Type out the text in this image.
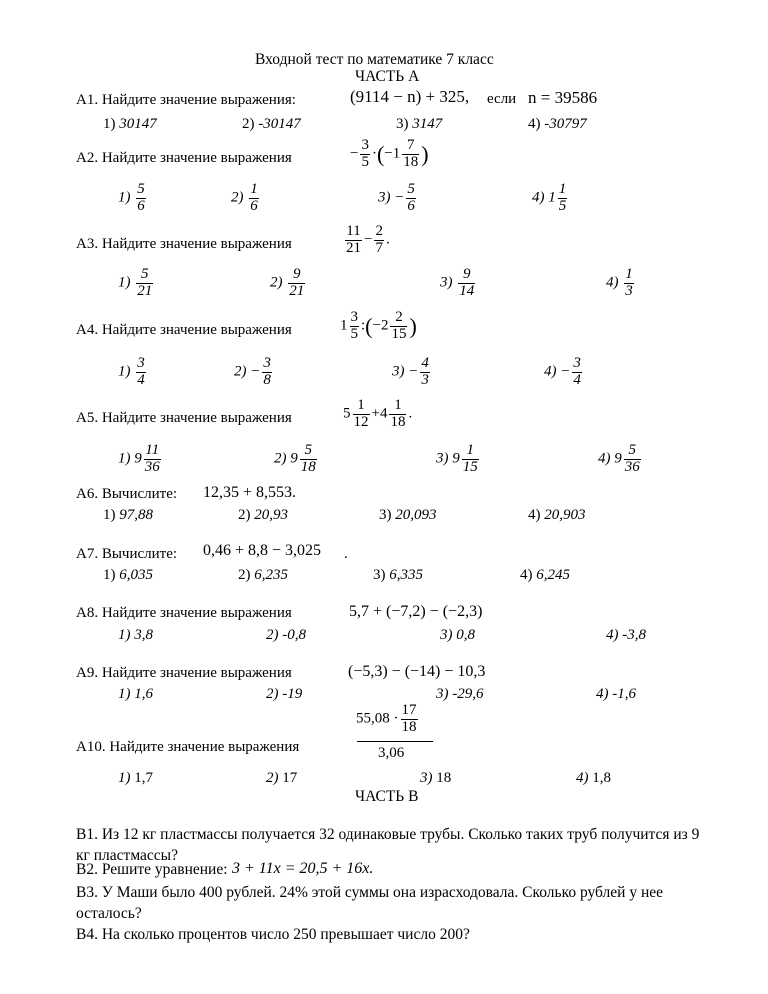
Входной тест по математике 7 класс
ЧАСТЬ А
А1. Найдите значение выражения:	(9114 − n) + 325, если n = 39586
1) 30147	2) -30147	3) 3147	4) -30797
А2. Найдите значение выражения	− $\frac{3}{5} \cdot(-1 \frac{7}{18}$ )
$1) \frac{5}{6}$	$2) \frac{1}{6}$	$3) - \frac{5}{6}$	4) $1 \frac{1}{5}$
А3. Найдите значение выражения	$\frac{11}{21} - \frac{2}{7}$ .
$1) \frac{5}{21}$	$2) \frac{9}{21}$	$3) \frac{9}{14}$	$4) \frac{1}{3}$
А4. Найдите значение выражения	$1 \frac{3}{5}$ :(−2 $\frac{2}{15}$ )
$1) \frac{3}{4}$	$2) - \frac{3}{8}$	$3) - \frac{4}{3}$	$4) - \frac{3}{4}$
А5. Найдите значение выражения	$5 \frac{1}{12} +4 \frac{1}{18}$ .
1) $9 \frac{11}{36}$	2) $9 \frac{5}{18}$	3) $9 \frac{1}{15}$	4) $9 \frac{5}{36}$
А6. Вычислите: 12,35 + 8,553.
1) 97,88	2) 20,93	3) 20,093	4) 20,903
А7. Вычислите: 0,46 + 8,8 − 3,025 .
1) 6,035	2) 6,235	3) 6,335	4) 6,245
А8. Найдите значение выражения	5,7 + (−7,2) − (−2,3)
1) 3,8	2) -0,8	3) 0,8	4) -3,8
А9. Найдите значение выражения	(−5,3) − (−14) − 10,3
1) 1,6	2) -19	3) -29,6	4) -1,6
А10. Найдите значение выражения
$55,08 \cdot \frac{17}{18}$
3,06
1) 1,7	2) 17	3) 18	4) 1,8
ЧАСТЬ В
В1. Из 12 кг пластмассы получается 32 одинаковые трубы. Сколько таких труб получится из 9 кг пластмассы?
В2. Решите уравнение: 3 + 11x = 20,5 + 16x.
В3. У Маши было 400 рублей. 24% этой суммы она израсходовала. Сколько рублей у нее осталось?
В4. На сколько процентов число 250 превышает число 200?
